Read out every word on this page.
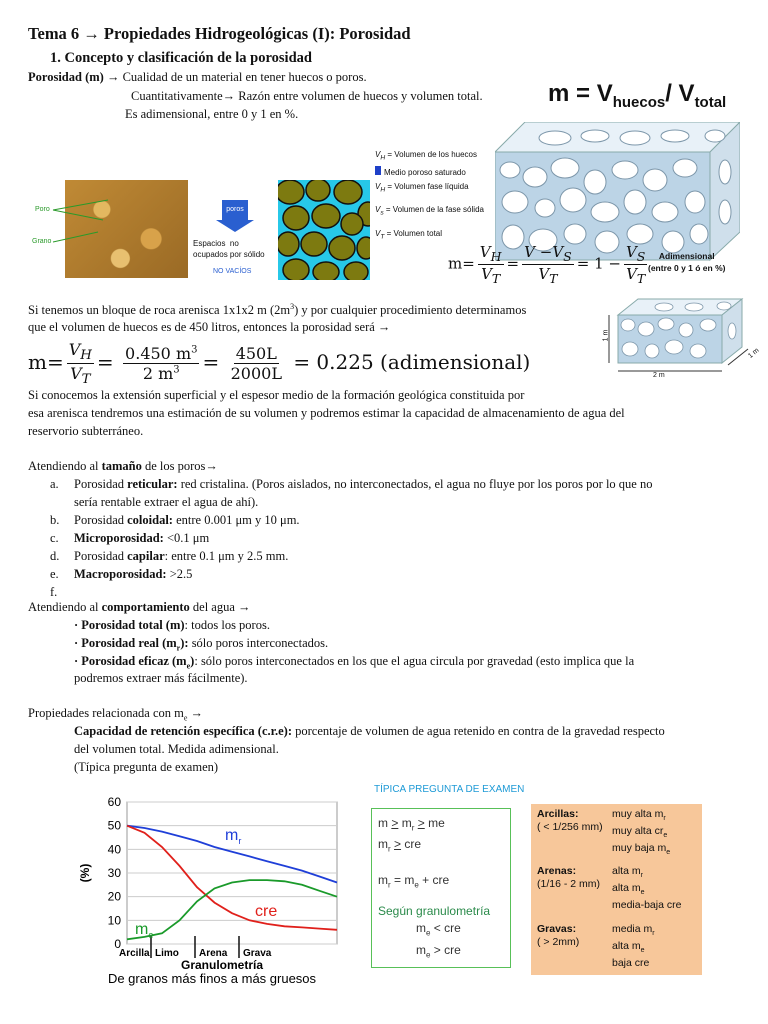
Tema 6 → Propiedades Hidrogeológicas (I): Porosidad
1. Concepto y clasificación de la porosidad
Porosidad (m) → Cualidad de un material en tener huecos o poros.
Cuantitativamente→ Razón entre volumen de huecos y volumen total.
Es adimensional, entre 0 y 1 en %.
$m = V_{huecos}/$ $V_{total}$
$V_H$ = Volumen de los huecos
Medio poroso saturado
$V_H$ = Volumen fase líquida
$V_s$ = Volumen de la fase sólida
$V_T$ = Volumen total
Poro
Grano
poros
Espacios  no
ocupados por sólido
NO VACÍOS	$m= \frac{V_H}{V_T} = \frac{V -V_S}{V_T} = 1 - \frac{V_S}{V_T}$	Adimensional
(entre 0 y 1 ó en %)
Si tenemos un bloque de roca arenisca 1x1x2 m $(2m^3)$ y por cualquier procedimiento determinamos
que el volumen de huecos es de 450 litros, entonces la porosidad será →
1 m
2 m
1 m
$m= \frac{V_H}{V_T} = \frac{0.450 m^3}{2 m^3} = \frac{450L}{2000L} = 0.225$ (adimensional)
Si conocemos la extensión superficial y el espesor medio de la formación geológica constituida por
esa arenisca tendremos una estimación de su volumen y podremos estimar la capacidad de almacenamiento de agua del
reservorio subterráneo.
Atendiendo al tamaño de los poros→
a. Porosidad reticular: red cristalina. (Poros aislados, no interconectados, el agua no fluye por los poros por lo que no
sería rentable extraer el agua de ahí).
b. Porosidad coloidal: entre 0.001 μm y 10 μm.
c. Microporosidad: <0.1 μm
d. Porosidad capilar: entre 0.1 μm y 2.5 mm.
e. Macroporosidad: >2.5
f.
Atendiendo al comportamiento del agua →
· Porosidad total (m): todos los poros.
· Porosidad real $(m_r)$: sólo poros interconectados.
· Porosidad eficaz $(m_e)$: sólo poros interconectados en los que el agua circula por gravedad (esto implica que la
podremos extraer más fácilmente).
Propiedades relacionada con $m_e$ →
Capacidad de retención específica (c.r.e): porcentaje de volumen de agua retenido en contra de la gravedad respecto
del volumen total. Medida adimensional.
(Típica pregunta de examen)
0
10
20
30
40
50
60
(%)
Arcilla Limo Arena Grava
Granulometría
De granos más finos a más gruesos
$m_r$
cre
$m_e$
TÍPICA PREGUNTA DE EXAMEN
$m > m_r$ > me
$m_r$ > cre
$m_r = m_e$ + cre
Según granulometría
$m_e$ < cre
$m_e$ > cre
Arcillas:
( < 1/256 mm)
muy alta $m_r$
muy alta $cr_e$
muy baja $m_e$
Arenas:
(1/16 - 2 mm)
alta $m_r$
alta $m_e$
media-baja cre
Gravas:
( > 2mm)
media $m_r$
alta $m_e$
baja cre
